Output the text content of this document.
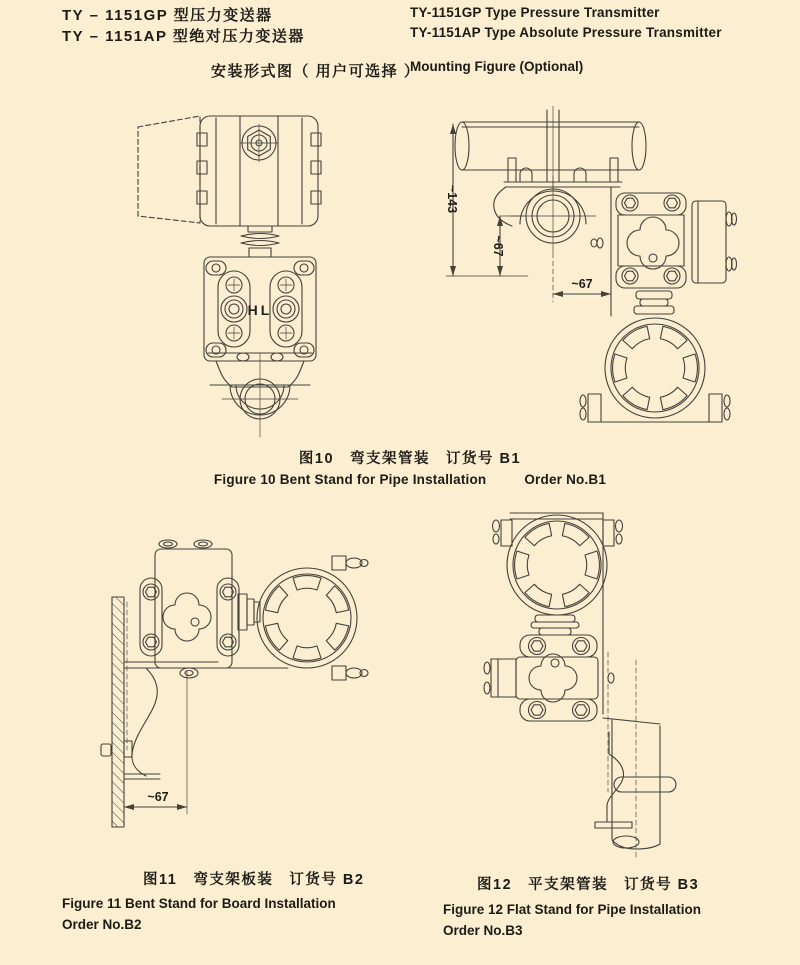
TY – 1151GP 型压力变送器
TY – 1151AP 型绝对压力变送器
TY-1151GP Type Pressure Transmitter
TY-1151AP Type Absolute Pressure Transmitter
安装形式图（ 用户可选择 ）
Mounting Figure (Optional)
HL
~143
~67
~67
图10　弯支架管装　订货号 B1
Figure 10 Bent Stand for Pipe Installation	Order No.B1
~67
图11　弯支架板装　订货号 B2
Figure 11 Bent Stand for Board Installation
Order No.B2
图12　平支架管装　订货号 B3
Figure 12 Flat Stand for Pipe Installation
Order No.B3
